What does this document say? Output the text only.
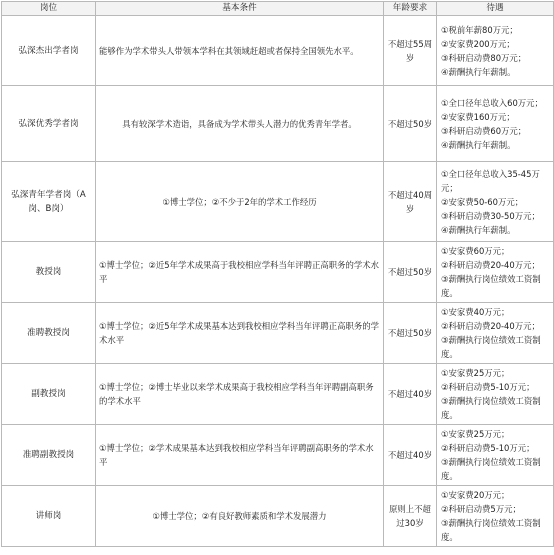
岗位	基本条件	年龄要求	待遇
弘深杰出学者岗	能够作为学术带头人带领本学科在其领域赶超或者保持全国领先水平。	不超过55周岁	①税前年薪80万元；
②安家费200万元；
③科研启动费80万元；
④薪酬执行年薪制。

弘深优秀学者岗	具有较深学术造诣，具备成为学术带头人潜力的优秀青年学者。	不超过50岁	①全口径年总收入60万元；
②安家费160万元；
③科研启动费60万元；
④薪酬执行年薪制。

弘深青年学者岗（A岗、B岗）	①博士学位；②不少于2年的学术工作经历	不超过40周岁	①全口径年总收入35-45万元；
②安家费50-60万元；
③科研启动费30-50万元；
④薪酬执行年薪制。

教授岗	①博士学位；②近5年学术成果高于我校相应学科当年评聘正高职务的学术水平	不超过50岁	①安家费60万元；
②科研启动费20-40万元；
③薪酬执行岗位绩效工资制度。

准聘教授岗	①博士学位；②近5年学术成果基本达到我校相应学科当年评聘正高职务的学术水平	不超过50岁	①安家费40万元；
②科研启动费20-40万元；
③薪酬执行岗位绩效工资制度。

副教授岗	①博士学位；②博士毕业以来学术成果高于我校相应学科当年评聘副高职务的学术水平	不超过40岁	①安家费25万元；
②科研启动费5-10万元；
③薪酬执行岗位绩效工资制度。

准聘副教授岗	①博士学位；②学术成果基本达到我校相应学科当年评聘副高职务的学术水平	不超过40岁	①安家费25万元；
②科研启动费5-10万元；
③薪酬执行岗位绩效工资制度。

讲师岗	①博士学位；②有良好教师素质和学术发展潜力	原则上不超过30岁	①安家费20万元；
②科研启动费5万元；
③薪酬执行岗位绩效工资制度。
